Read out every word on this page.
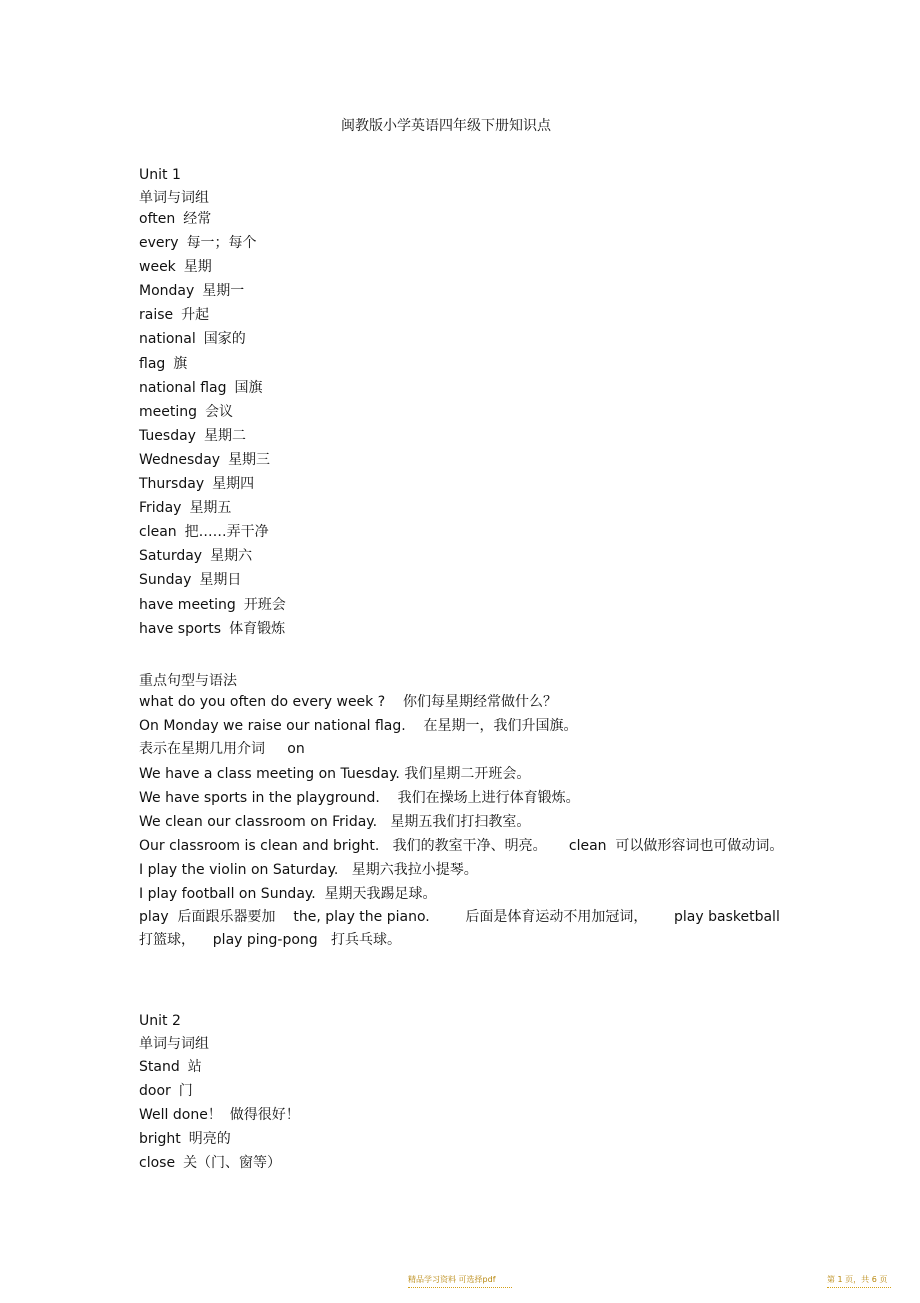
闽教版小学英语四年级下册知识点
Unit 1
单词与词组
often 经常
every 每一；每个
week 星期
Monday 星期一
raise 升起
national 国家的
flag 旗
national flag 国旗
meeting 会议
Tuesday 星期二
Wednesday 星期三
Thursday 星期四
Friday 星期五
clean 把……弄干净
Saturday 星期六
Sunday 星期日
have meeting 开班会
have sports 体育锻炼
重点句型与语法
what do you often do every week ?    你们每星期经常做什么？
On Monday we raise our national flag.    在星期一，我们升国旗。
表示在星期几用介词     on
We have a class meeting on Tuesday. 我们星期二开班会。
We have sports in the playground.    我们在操场上进行体育锻炼。
We clean our classroom on Friday.   星期五我们打扫教室。
Our classroom is clean and bright.   我们的教室干净、明亮。     clean  可以做形容词也可做动词。
I play the violin on Saturday.   星期六我拉小提琴。
I play football on Sunday.  星期天我踢足球。
play  后面跟乐器要加    the, play the piano.        后面是体育运动不用加冠词，      play basketball   打篮球，    play ping-pong   打兵乓球。
Unit 2
单词与词组
Stand 站
door 门
Well done！ 做得很好！
bright 明亮的
close 关（门、窗等）
精品学习资料 可选择pdf	第 1 页，共 6 页
